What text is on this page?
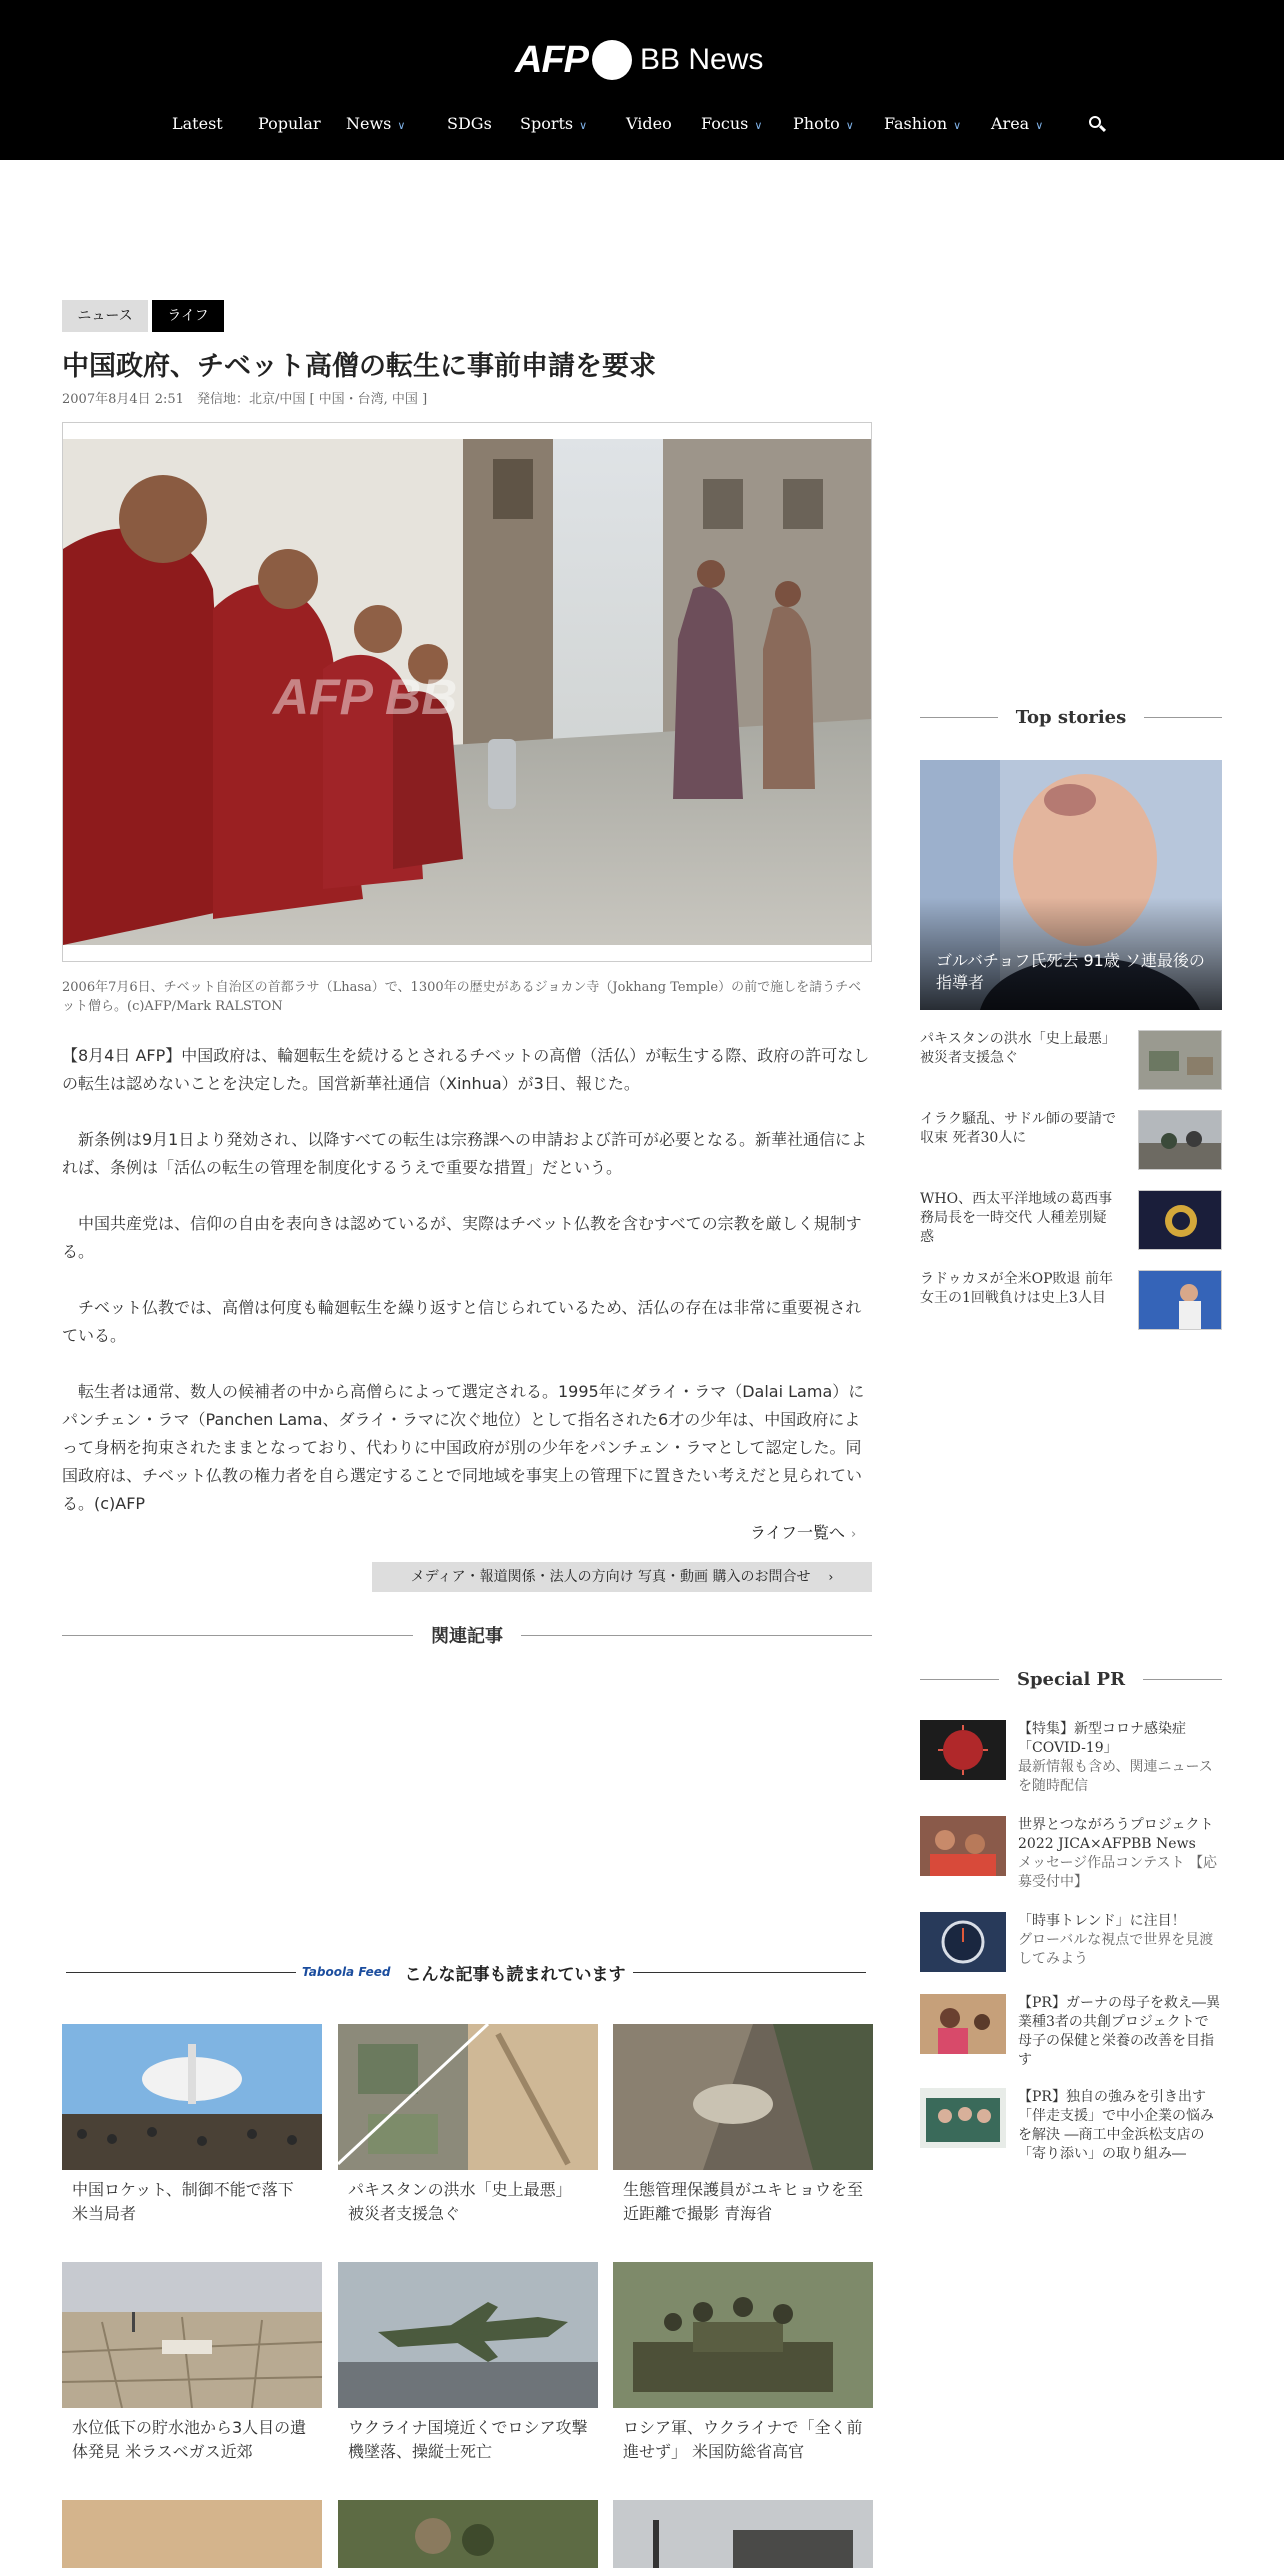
AFP BB News
Latest Popular News ∨	SDGs Sports ∨ Video Focus ∨ Photo ∨ Fashion ∨ Area ∨
ニュース	ライフ
中国政府、チベット高僧の転生に事前申請を要求
2007年8月4日 2:51　発信地：北京/中国 [ 中国・台湾, 中国 ]
AFP BB
2006年7月6日、チベット自治区の首都ラサ（Lhasa）で、1300年の歴史があるジョカン寺（Jokhang Temple）の前で施しを請うチベット僧ら。(c)AFP/Mark RALSTON
【8月4日 AFP】中国政府は、輪廻転生を続けるとされるチベットの高僧（活仏）が転生する際、政府の許可なしの転生は認めないことを決定した。国営新華社通信（Xinhua）が3日、報じた。
　新条例は9月1日より発効され、以降すべての転生は宗務課への申請および許可が必要となる。新華社通信によれば、条例は「活仏の転生の管理を制度化するうえで重要な措置」だという。
　中国共産党は、信仰の自由を表向きは認めているが、実際はチベット仏教を含むすべての宗教を厳しく規制する。
　チベット仏教では、高僧は何度も輪廻転生を繰り返すと信じられているため、活仏の存在は非常に重要視されている。
　転生者は通常、数人の候補者の中から高僧らによって選定される。1995年にダライ・ラマ（Dalai Lama）にパンチェン・ラマ（Panchen Lama、ダライ・ラマに次ぐ地位）として指名された6才の少年は、中国政府によって身柄を拘束されたままとなっており、代わりに中国政府が別の少年をパンチェン・ラマとして認定した。同国政府は、チベット仏教の権力者を自ら選定することで同地域を事実上の管理下に置きたい考えだと見られている。(c)AFP
ライフ一覧へ ›
メディア・報道関係・法人の方向け 写真・動画 購入のお問合せ ›
関連記事
Taboola Feed こんな記事も読まれています
中国ロケット、制御不能で落下 米当局者
パキスタンの洪水「史上最悪」 被災者支援急ぐ
生態管理保護員がユキヒョウを至近距離で撮影 青海省
水位低下の貯水池から3人目の遺体発見 米ラスベガス近郊
ウクライナ国境近くでロシア攻撃機墜落、操縦士死亡
ロシア軍、ウクライナで「全く前進せず」 米国防総省高官
Top stories
ゴルバチョフ氏死去 91歳 ソ連最後の指導者
パキスタンの洪水「史上最悪」 被災者支援急ぐ
イラク騒乱、サドル師の要請で収束 死者30人に
WHO、西太平洋地域の葛西事務局長を一時交代 人種差別疑惑
ラドゥカヌが全米OP敗退 前年女王の1回戦負けは史上3人目
Special PR
【特集】新型コロナ感染症「COVID-19」
最新情報も含め、関連ニュースを随時配信
世界とつながろうプロジェクト2022 JICA×AFPBB News
メッセージ作品コンテスト 【応募受付中】
「時事トレンド」に注目！
グローバルな視点で世界を見渡してみよう
【PR】ガーナの母子を救え―異業種3者の共創プロジェクトで母子の保健と栄養の改善を目指す
【PR】独自の強みを引き出す「伴走支援」で中小企業の悩みを解決 ―商工中金浜松支店の「寄り添い」の取り組み―
